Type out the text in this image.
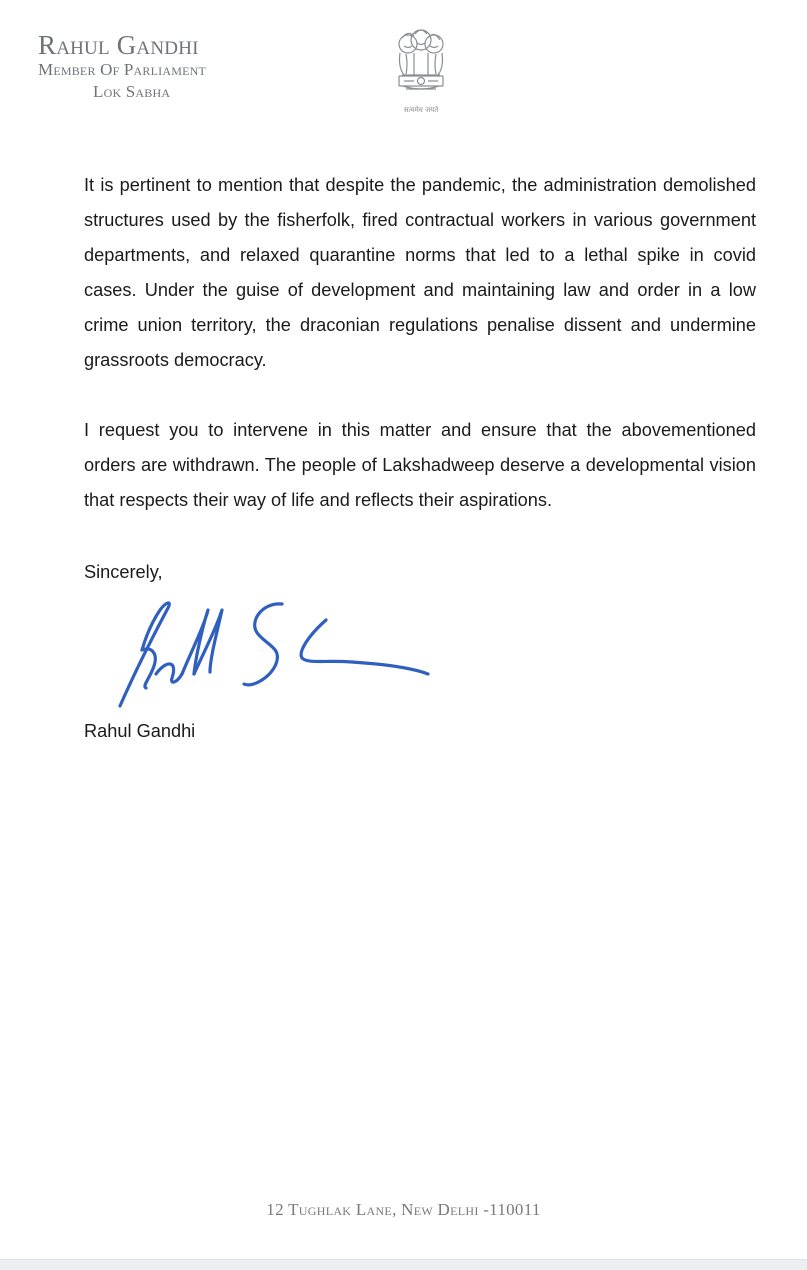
Rahul Gandhi
Member Of Parliament
Lok Sabha
सत्यमेव जयते

It is pertinent to mention that despite the pandemic, the administration demolished structures used by the fisherfolk, fired contractual workers in various government departments, and relaxed quarantine norms that led to a lethal spike in covid cases. Under the guise of development and maintaining law and order in a low crime union territory, the draconian regulations penalise dissent and undermine grassroots democracy.

I request you to intervene in this matter and ensure that the abovementioned orders are withdrawn. The people of Lakshadweep deserve a developmental vision that respects their way of life and reflects their aspirations.

Sincerely,
Rahul Gandhi
12 Tughlak Lane, New Delhi -110011
